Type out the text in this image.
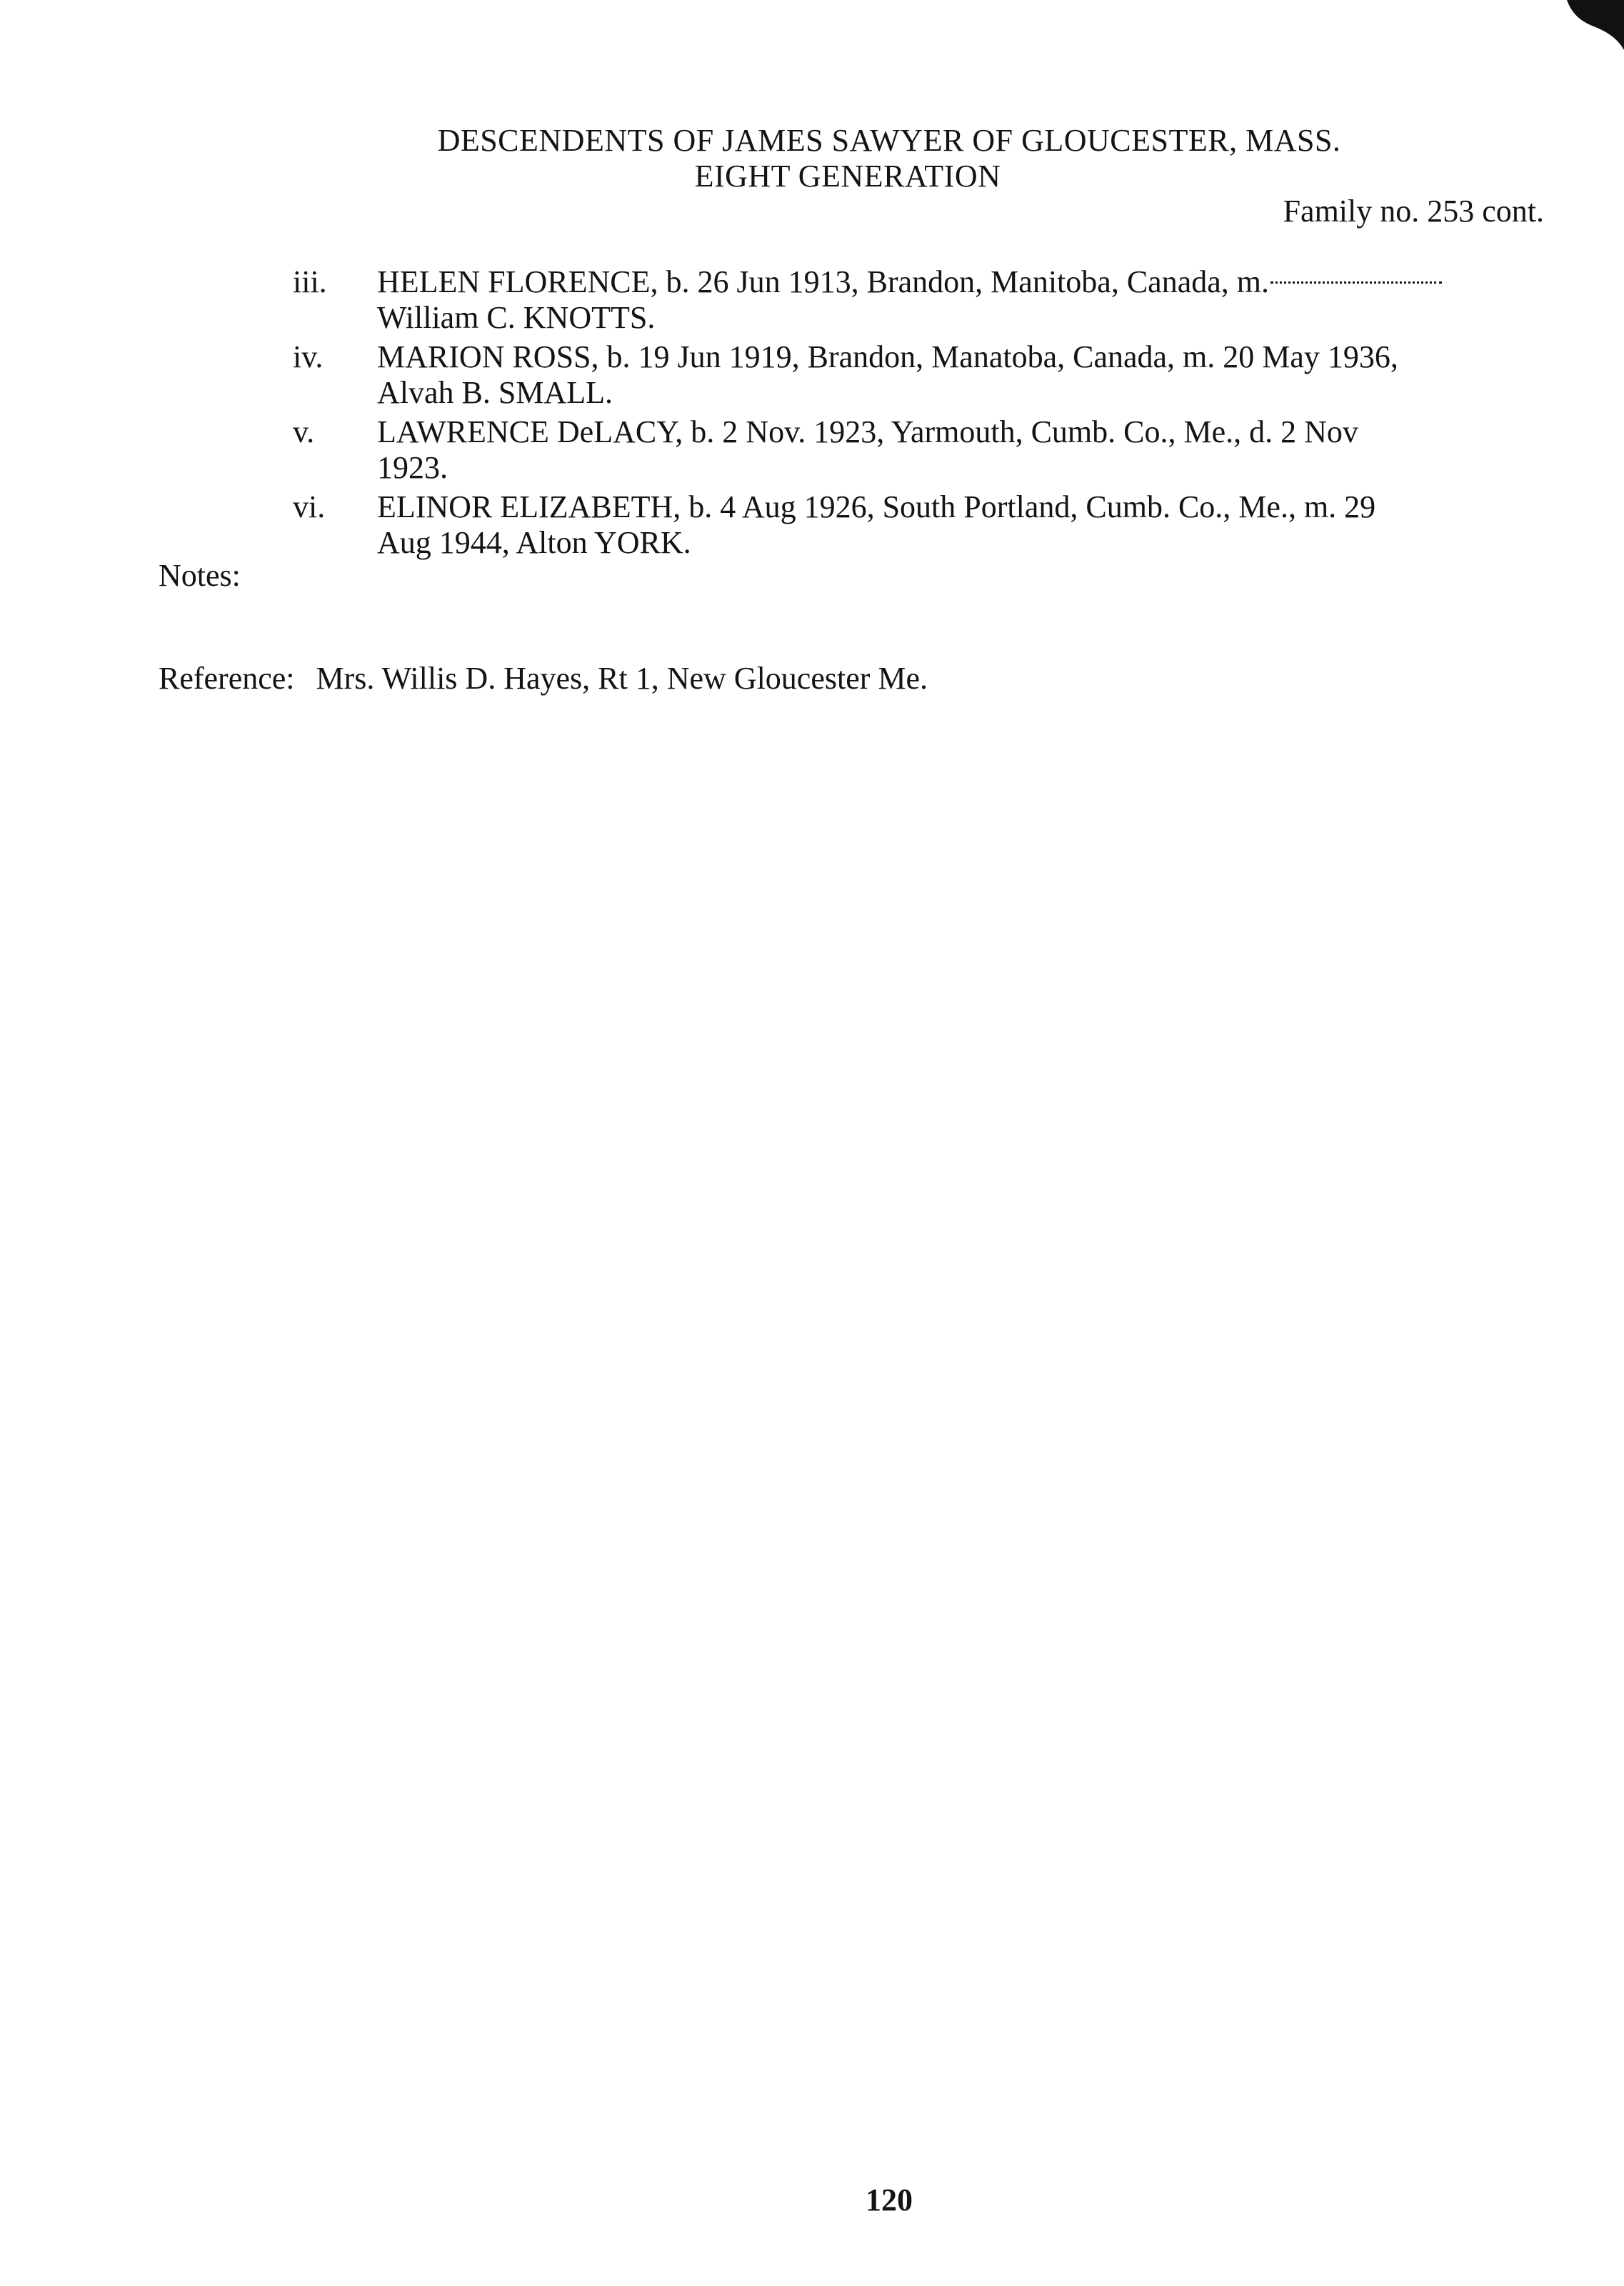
DESCENDENTS OF JAMES SAWYER OF GLOUCESTER, MASS.
EIGHT GENERATION
Family no. 253 cont.
iii. HELEN FLORENCE, b. 26 Jun 1913, Brandon, Manitoba, Canada, m.
William C. KNOTTS.
iv. MARION ROSS, b. 19 Jun 1919, Brandon, Manatoba, Canada, m. 20 May 1936,
Alvah B. SMALL.
v. LAWRENCE DeLACY, b. 2 Nov. 1923, Yarmouth, Cumb. Co., Me., d. 2 Nov
1923.
vi. ELINOR ELIZABETH, b. 4 Aug 1926, South Portland, Cumb. Co., Me., m. 29
Aug 1944, Alton YORK.
Notes:
Reference: Mrs. Willis D. Hayes, Rt 1, New Gloucester Me.
120
